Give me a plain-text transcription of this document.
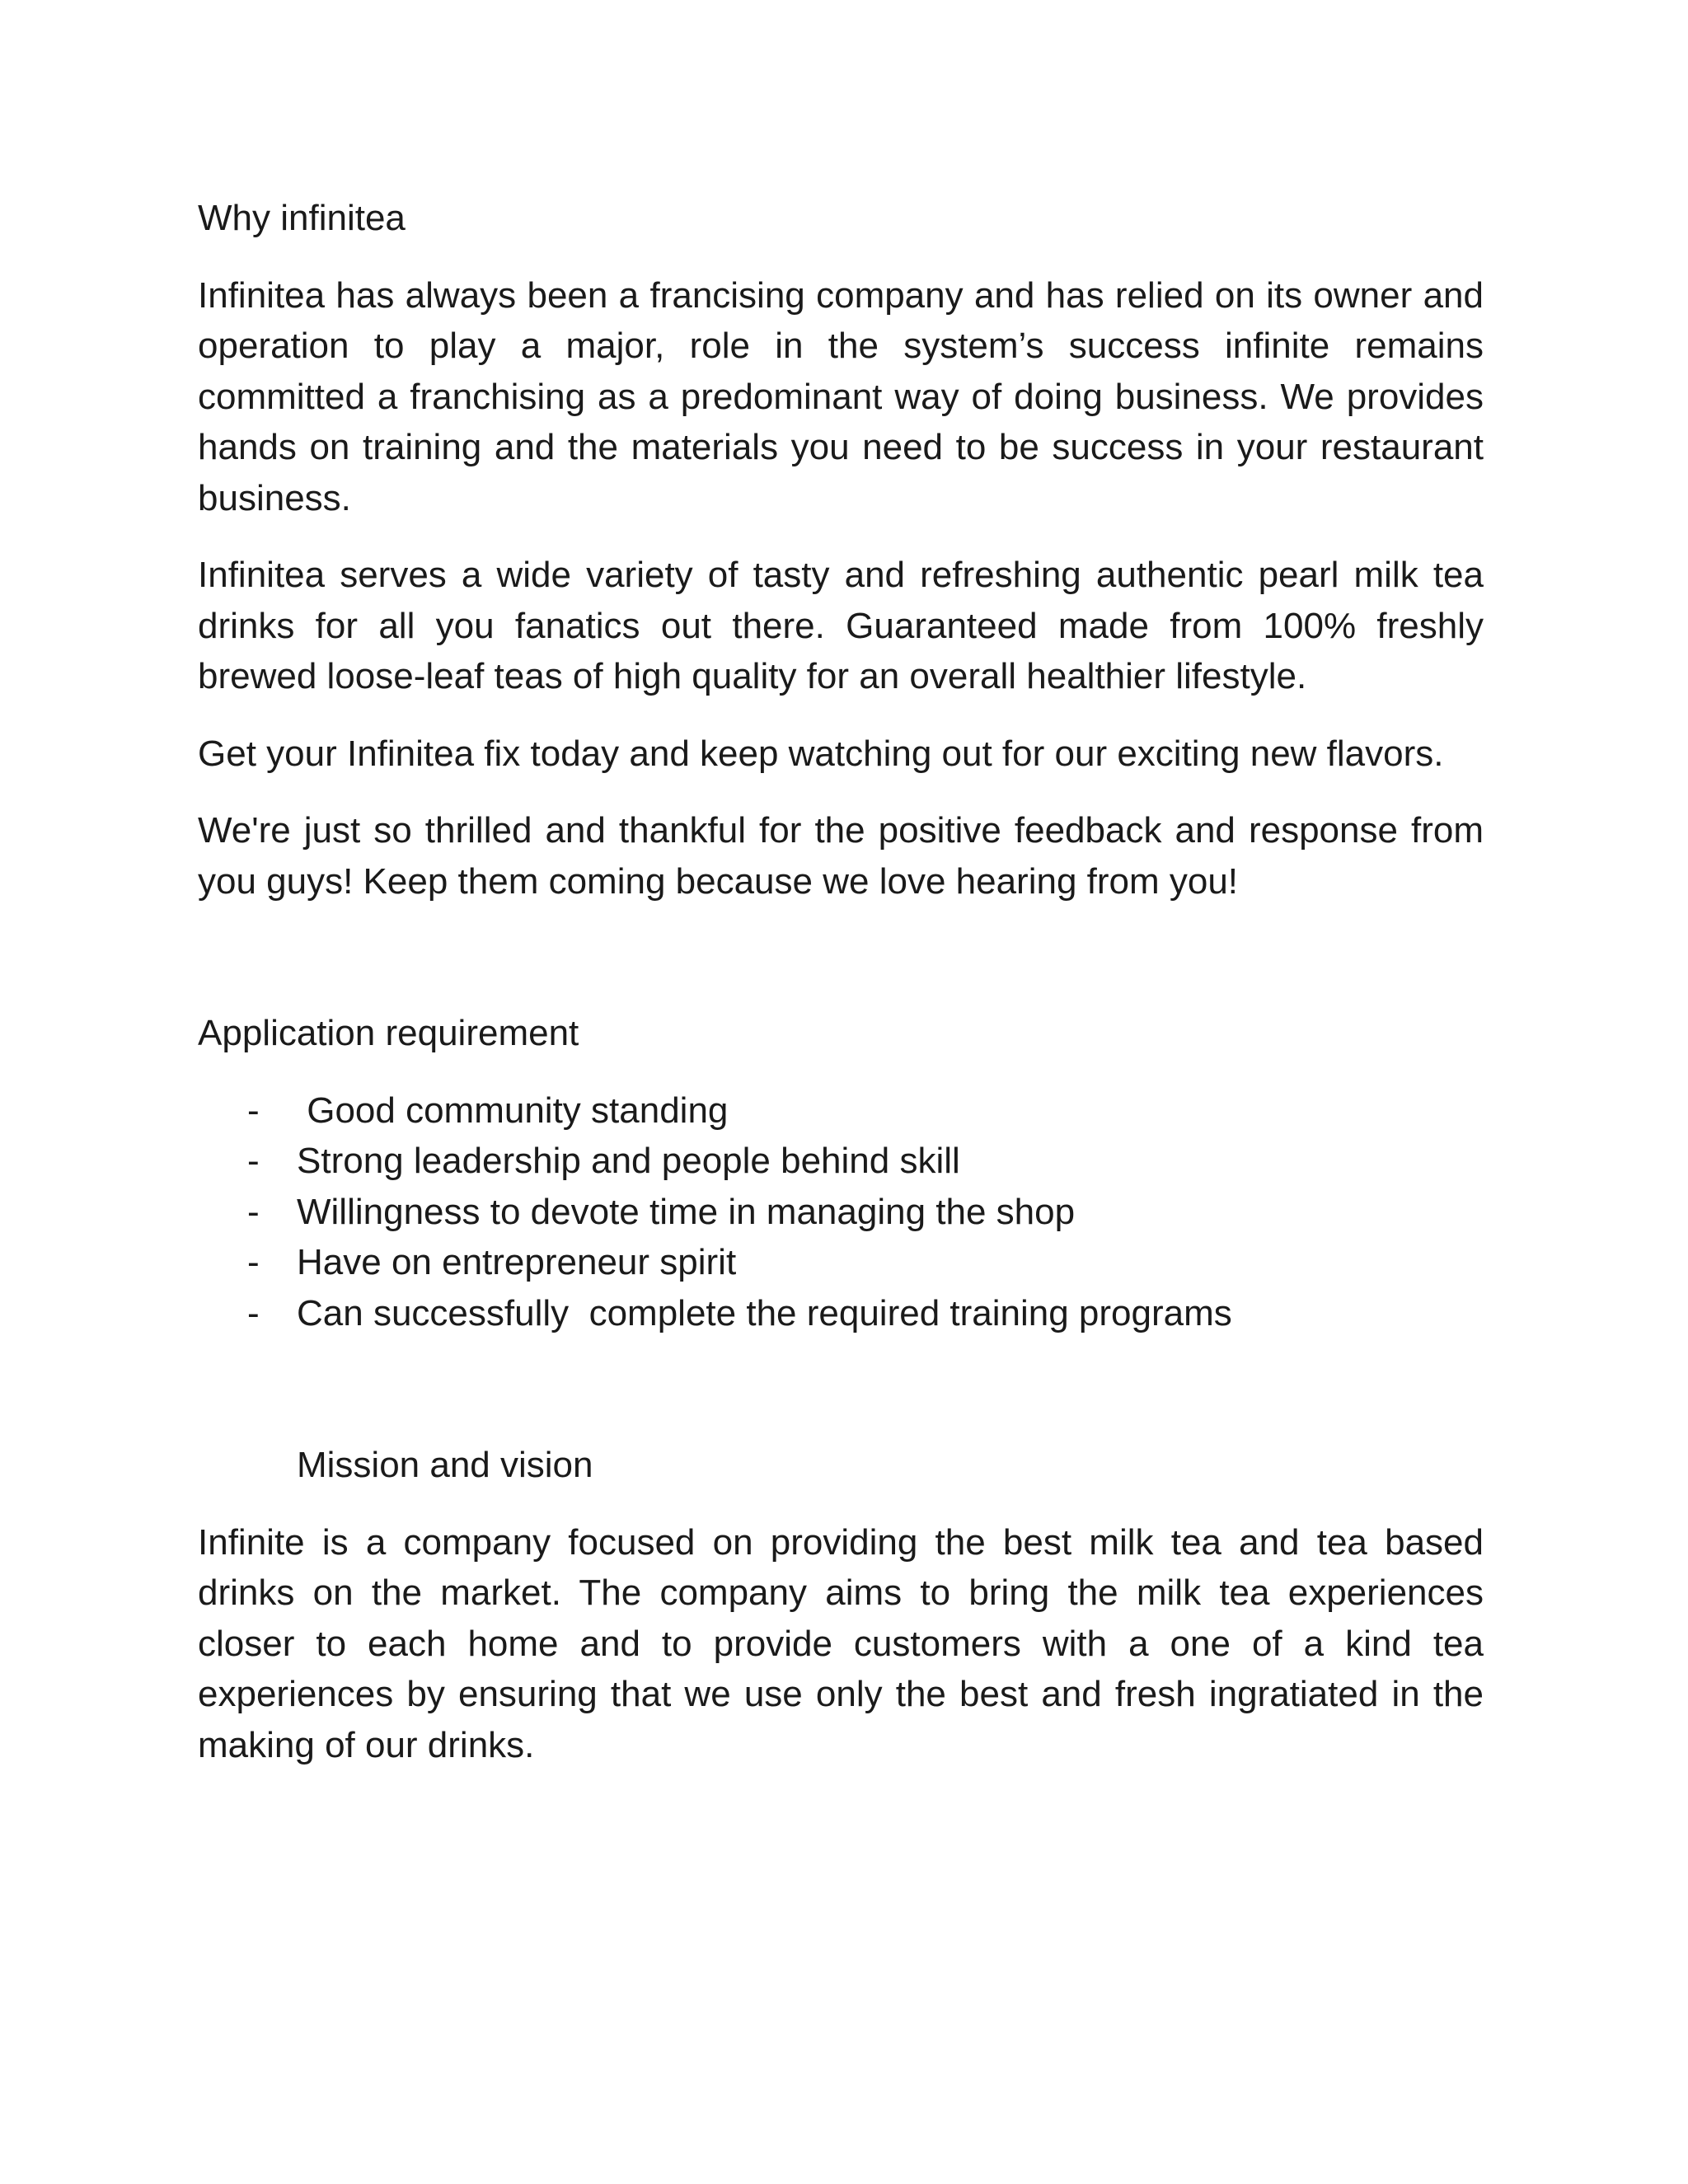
Why infinitea

Infinitea has always been a francising company and has relied on its owner and operation to play a major, role in the system’s success infinite remains committed a franchising as a predominant way of doing business. We provides hands on training and the materials you need to be success in your restaurant business.

Infinitea serves a wide variety of tasty and refreshing authentic pearl milk tea drinks for all you fanatics out there. Guaranteed made from 100% freshly brewed loose-leaf teas of high quality for an overall healthier lifestyle.

Get your Infinitea fix today and keep watching out for our exciting new flavors.

We're just so thrilled and thankful for the positive feedback and response from you guys! Keep them coming because we love hearing from you!

Application requirement
- Good community standing
- Strong leadership and people behind skill
- Willingness to devote time in managing the shop
- Have on entrepreneur spirit
- Can successfully  complete the required training programs
Mission and vision

Infinite is a company focused on providing the best milk tea and tea based drinks on the market. The company aims to bring the milk tea experiences closer to each home and to provide customers with a one of a kind tea experiences by ensuring that we use only the best and fresh ingratiated in the making of our drinks.
